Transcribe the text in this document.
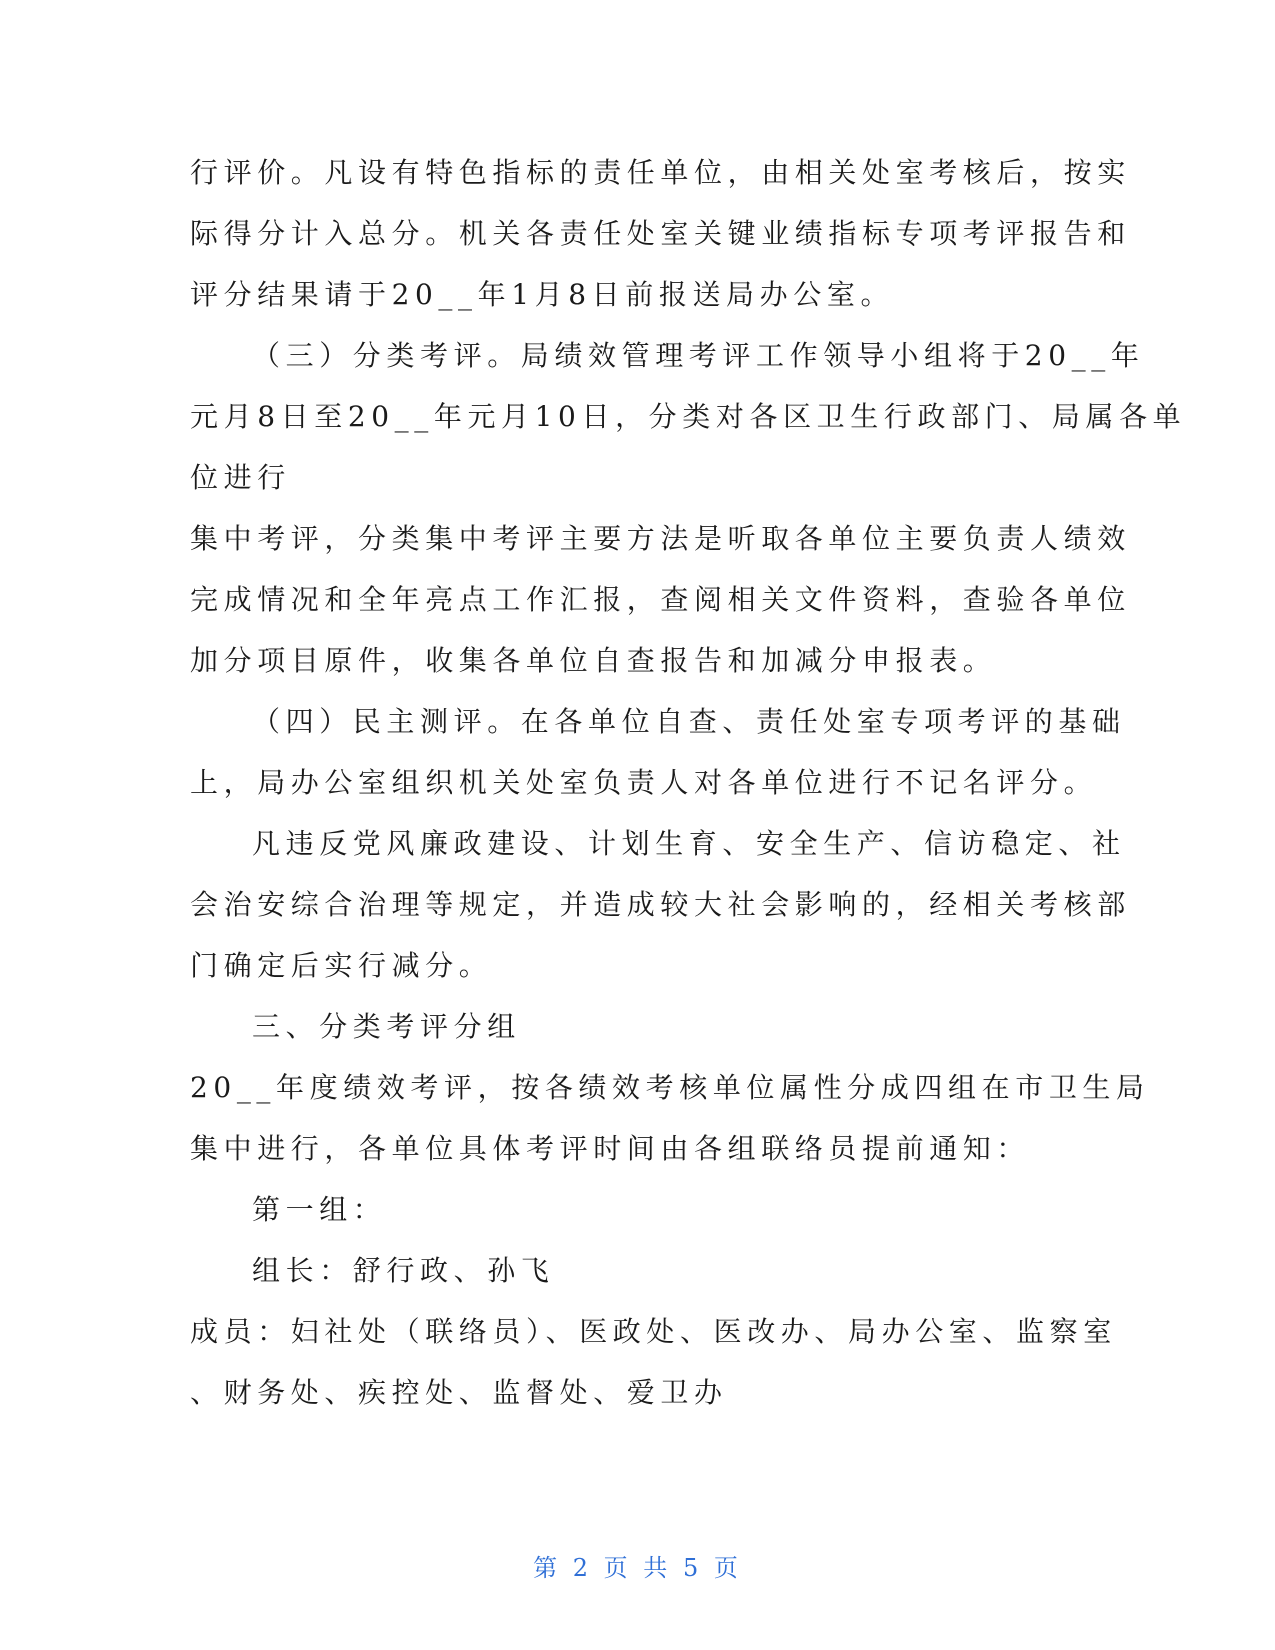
行评价。凡设有特色指标的责任单位，由相关处室考核后，按实
际得分计入总分。机关各责任处室关键业绩指标专项考评报告和
评分结果请于20__年1月8日前报送局办公室。
（三）分类考评。局绩效管理考评工作领导小组将于20__年
元月8日至20__年元月10日，分类对各区卫生行政部门、局属各单
位进行
集中考评，分类集中考评主要方法是听取各单位主要负责人绩效
完成情况和全年亮点工作汇报，查阅相关文件资料，查验各单位
加分项目原件，收集各单位自查报告和加减分申报表。
（四）民主测评。在各单位自查、责任处室专项考评的基础
上，局办公室组织机关处室负责人对各单位进行不记名评分。
凡违反党风廉政建设、计划生育、安全生产、信访稳定、社
会治安综合治理等规定，并造成较大社会影响的，经相关考核部
门确定后实行减分。
三、分类考评分组
20__年度绩效考评，按各绩效考核单位属性分成四组在市卫生局
集中进行，各单位具体考评时间由各组联络员提前通知：
第一组：
组长：舒行政、孙飞
成员：妇社处（联络员）、医政处、医改办、局办公室、监察室
、财务处、疾控处、监督处、爱卫办
第 2 页 共 5 页
